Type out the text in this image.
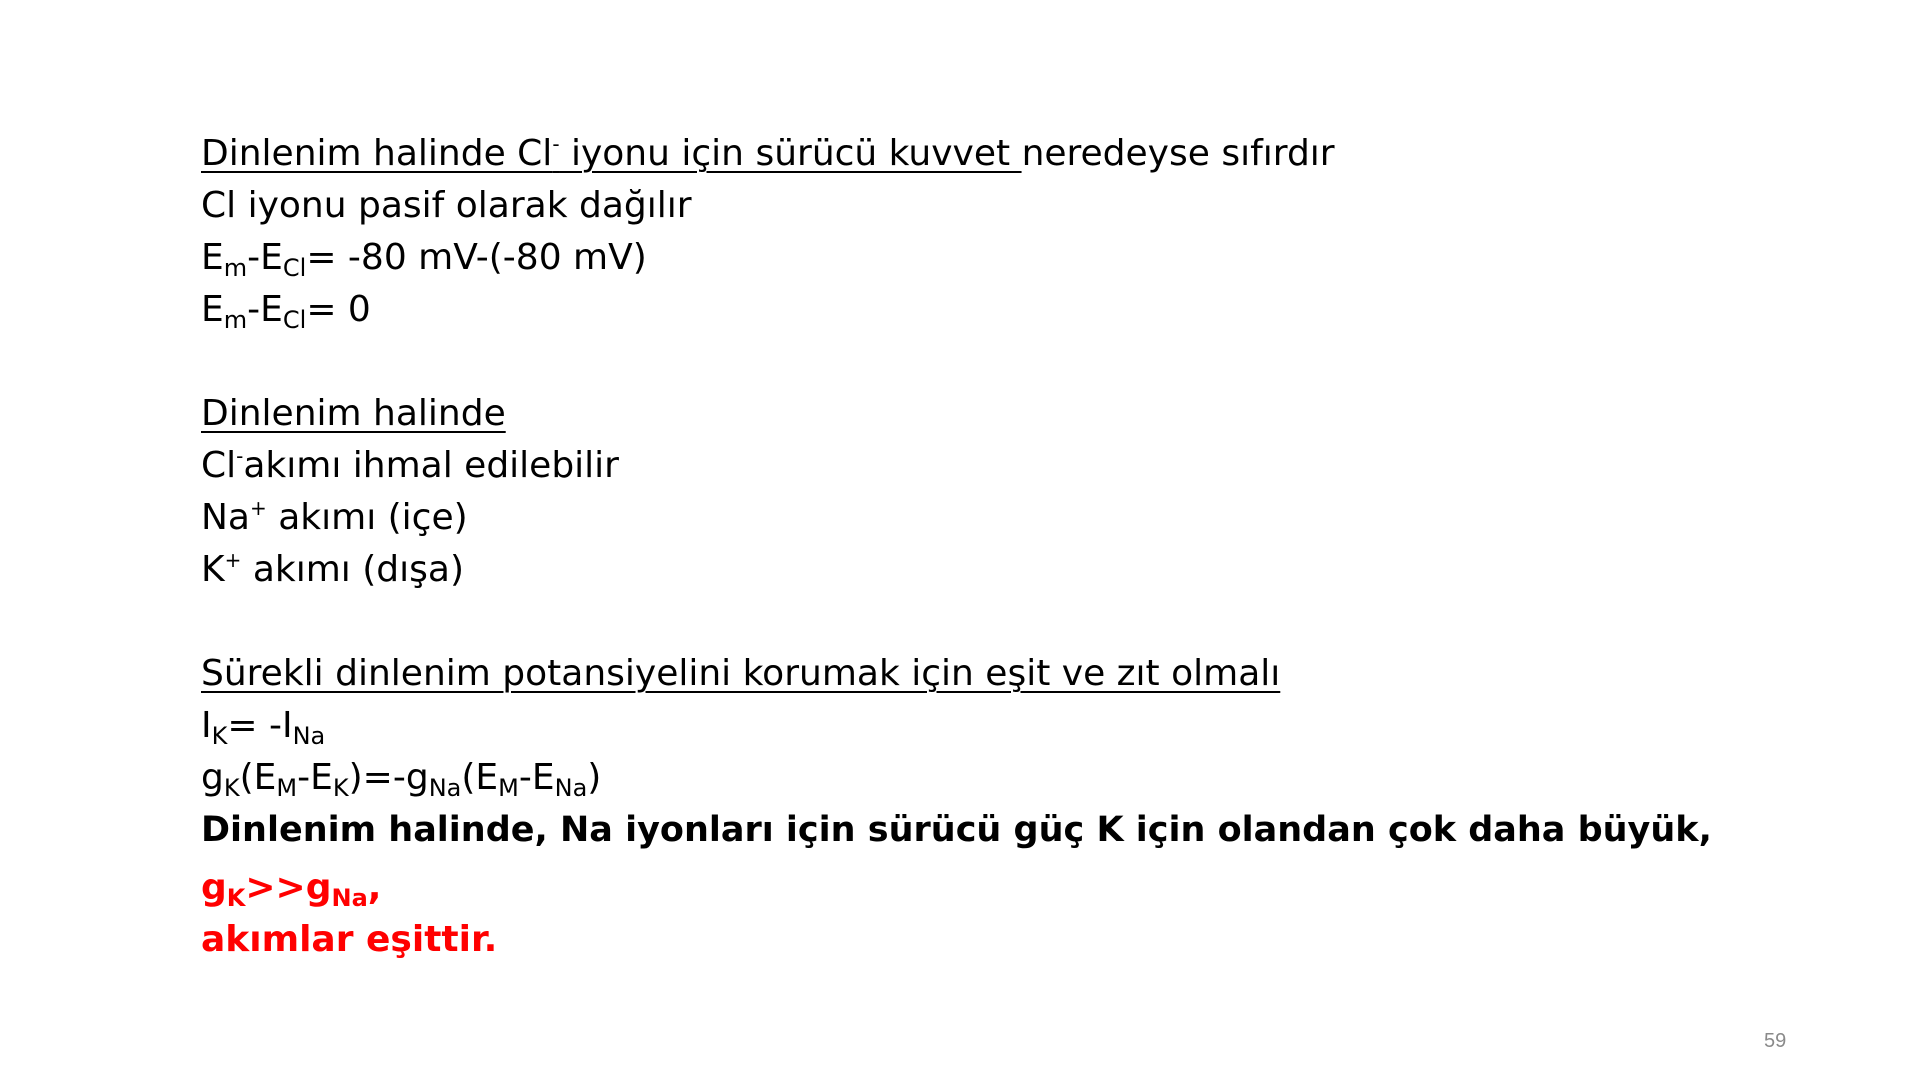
Dinlenim halinde Cl- iyonu için sürücü kuvvet neredeyse sıfırdır
Cl iyonu pasif olarak dağılır
$E_m-E_{Cl}= -80$ mV-(-80 mV)
$E_m-E_{Cl}= 0$
Dinlenim halinde
Cl-akımı ihmal edilebilir
Na+ akımı (içe)
K+ akımı (dışa)
Sürekli dinlenim potansiyelini korumak için eşit ve zıt olmalı
$I_K= -I_{Na}$
$g_K(E_M-E_K)=-g_{Na}(E_M-E_{Na})$
Dinlenim halinde, Na iyonları için sürücü güç K için olandan çok daha büyük,
$g_K>>g_{Na}$,
akımlar eşittir.
59
